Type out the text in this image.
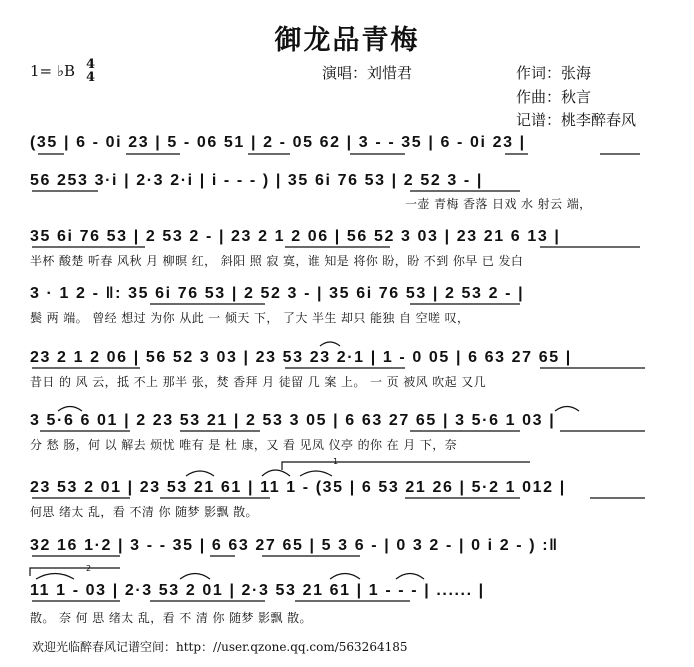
御龙品青梅
1= ♭B 4
4	演唱：刘惜君	作词：张海
作曲：秋言
记谱：桃李醉春风
(35 | 6 - 0i 23 | 5 - 06 51 | 2 - 05 62 | 3 - - 35 | 6 - 0i 23 |
56 253 3·i | 2·3 2·i | i - - - ) | 35 6i 76 53 | 2 52 3 - |
一壶 青梅 香落 日戏 水 射云 端，
35 6i 76 53 | 2 53 2 - | 23 2 1 2 06 | 56 52 3 03 | 23 21 6 13 |
半杯 酸楚 听春 风秋 月 柳暝 红， 斜阳 照 寂 寞，谁 知是 将你 盼，盼 不到 你早 已 发白
3 · 1 2 - ‖: 35 6i 76 53 | 2 52 3 - | 35 6i 76 53 | 2 53 2 - |
鬓 两 端。 曾经 想过 为你 从此 一 倾天 下， 了大 半生 却只 能独 自 空嗟 叹，
23 2 1 2 06 | 56 52 3 03 | 23 53 23 2·1 | 1 - 0 05 | 6 63 27 65 |
昔日 的 风 云，抵 不上 那半 张，焚 香拜 月 徒留 几 案 上。 一 页 被风 吹起 又几
3 5·6 6 01 | 2 23 53 21 | 2 53 3 05 | 6 63 27 65 | 3 5·6 1 03 |
分 愁 肠，何 以 解去 烦忧 唯有 是 杜 康，又 看 见凤 仪亭 的你 在 月 下，奈
23 53 2 01 | 23 53 21 61 | 11 1 - (35 | 6 53 21 26 | 5·2 1 012 |
何思 绪太 乱，看 不清 你 随梦 影飘 散。
32 16 1·2 | 3 - - 35 | 6 63 27 65 | 5 3 6 - | 0 3 2 - | 0 i 2 - ) :‖
11 1 - 03 | 2·3 53 2 01 | 2·3 53 21 61 | 1 - - - | ...... |
散。 奈 何 思 绪太 乱，看 不 清 你 随梦 影飘 散。
1
2
欢迎光临醉春风记谱空间：http：//user.qzone.qq.com/563264185
